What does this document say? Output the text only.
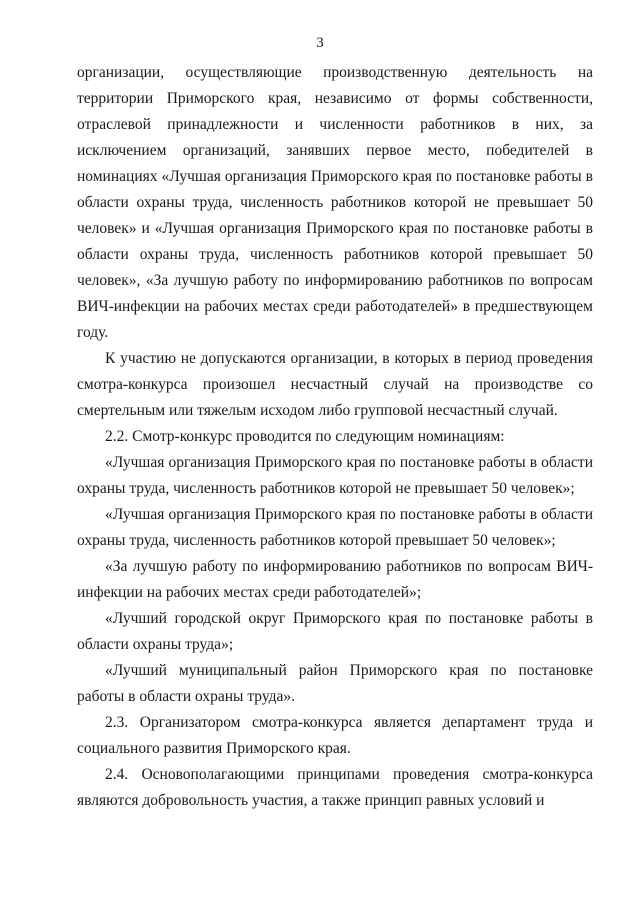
3

организации, осуществляющие производственную деятельность на территории Приморского края, независимо от формы собственности, отраслевой принадлежности и численности работников в них, за исключением организаций, занявших первое место, победителей в номинациях «Лучшая организация Приморского края по постановке работы в области охраны труда, численность работников которой не превышает 50 человек» и «Лучшая организация Приморского края по постановке работы в области охраны труда, численность работников которой превышает 50 человек», «За лучшую работу по информированию работников по вопросам ВИЧ-инфекции на рабочих местах среди работодателей» в предшествующем году.

К участию не допускаются организации, в которых в период проведения смотра-конкурса произошел несчастный случай на производстве со смертельным или тяжелым исходом либо групповой несчастный случай.

2.2. Смотр-конкурс проводится по следующим номинациям:

«Лучшая организация Приморского края по постановке работы в области охраны труда, численность работников которой не превышает 50 человек»;

«Лучшая организация Приморского края по постановке работы в области охраны труда, численность работников которой превышает 50 человек»;

«За лучшую работу по информированию работников по вопросам ВИЧ-инфекции на рабочих местах среди работодателей»;

«Лучший городской округ Приморского края по постановке работы в области охраны труда»;

«Лучший муниципальный район Приморского края по постановке работы в области охраны труда».

2.3. Организатором смотра-конкурса является департамент труда и социального развития Приморского края.

2.4. Основополагающими принципами проведения смотра-конкурса являются добровольность участия, а также принцип равных условий и
